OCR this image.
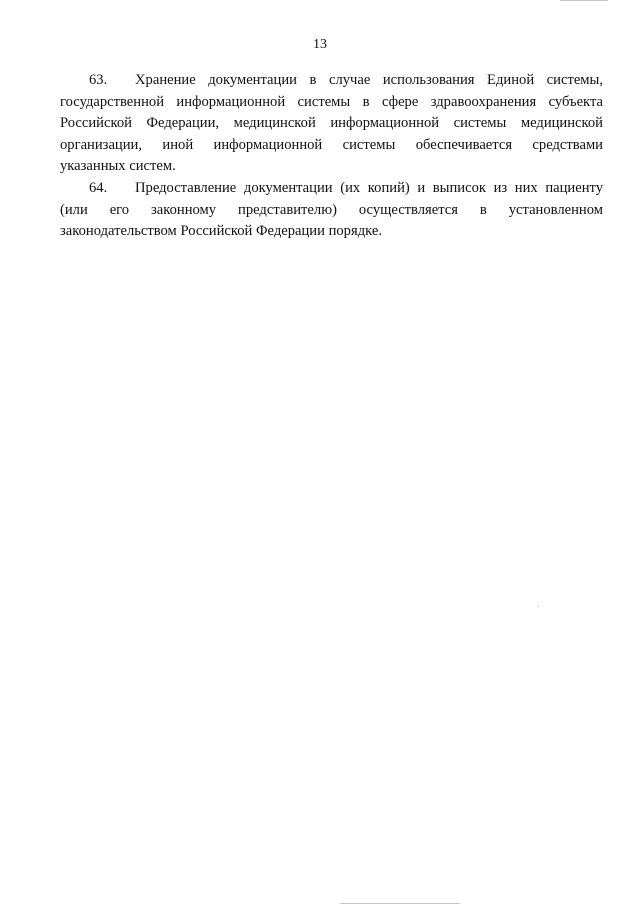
13
63. Хранение документации в случае использования Единой системы,
государственной информационной системы в сфере здравоохранения субъекта
Российской Федерации, медицинской информационной системы медицинской
организации, иной информационной системы обеспечивается средствами
указанных систем.
64. Предоставление документации (их копий) и выписок из них пациенту
(или его законному представителю) осуществляется в установленном
законодательством Российской Федерации порядке.
